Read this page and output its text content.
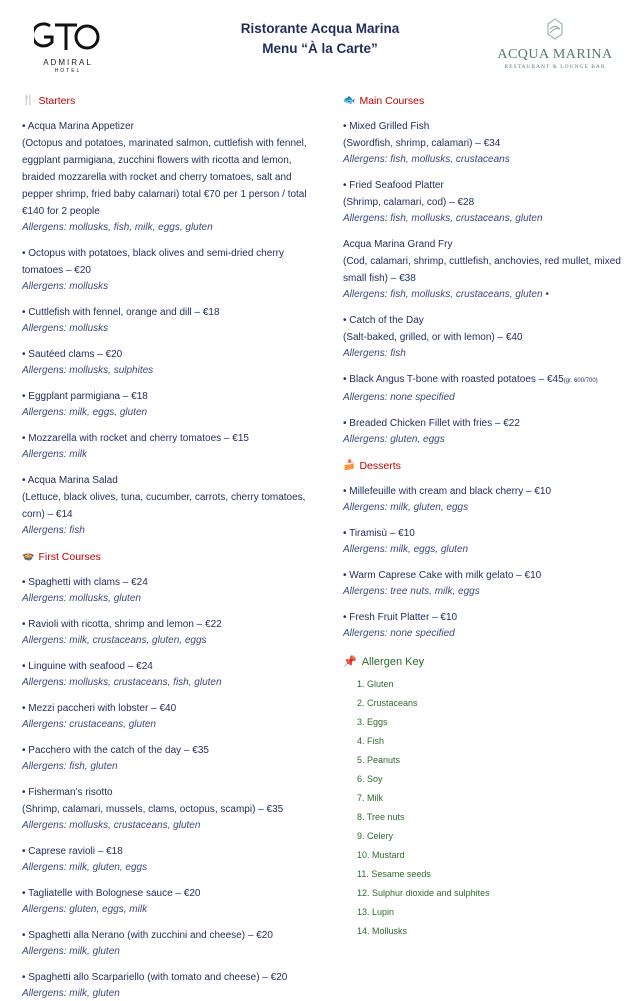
ADMIRAL
HOTEL
Ristorante Acqua Marina
Menu “À la Carte”	ACQUA MARINA
RESTAURANT & LOUNGE BAR
🍴 Starters
• Acqua Marina Appetizer
(Octopus and potatoes, marinated salmon, cuttlefish with fennel, eggplant parmigiana, zucchini flowers with ricotta and lemon, braided mozzarella with rocket and cherry tomatoes, salt and pepper shrimp, fried baby calamari) total €70 per 1 person / total €140 for 2 people
Allergens: mollusks, fish, milk, eggs, gluten
• Octopus with potatoes, black olives and semi-dried cherry tomatoes – €20
Allergens: mollusks
• Cuttlefish with fennel, orange and dill – €18
Allergens: mollusks
• Sautéed clams – €20
Allergens: mollusks, sulphites
• Eggplant parmigiana – €18
Allergens: milk, eggs, gluten
• Mozzarella with rocket and cherry tomatoes – €15
Allergens: milk
• Acqua Marina Salad
(Lettuce, black olives, tuna, cucumber, carrots, cherry tomatoes, corn) – €14
Allergens: fish
🍲 First Courses
• Spaghetti with clams – €24
Allergens: mollusks, gluten
• Ravioli with ricotta, shrimp and lemon – €22
Allergens: milk, crustaceans, gluten, eggs
• Linguine with seafood – €24
Allergens: mollusks, crustaceans, fish, gluten
• Mezzi paccheri with lobster – €40
Allergens: crustaceans, gluten
• Pacchero with the catch of the day – €35
Allergens: fish, gluten
• Fisherman’s risotto
(Shrimp, calamari, mussels, clams, octopus, scampi) – €35
Allergens: mollusks, crustaceans, gluten
• Caprese ravioli – €18
Allergens: milk, gluten, eggs
• Tagliatelle with Bolognese sauce – €20
Allergens: gluten, eggs, milk
• Spaghetti alla Nerano (with zucchini and cheese) – €20
Allergens: milk, gluten
• Spaghetti allo Scarpariello (with tomato and cheese) – €20
Allergens: milk, gluten
🐟 Main Courses
• Mixed Grilled Fish
(Swordfish, shrimp, calamari) – €34
Allergens: fish, mollusks, crustaceans
• Fried Seafood Platter
(Shrimp, calamari, cod) – €28
Allergens: fish, mollusks, crustaceans, gluten
Acqua Marina Grand Fry
(Cod, calamari, shrimp, cuttlefish, anchovies, red mullet, mixed small fish) – €38
Allergens: fish, mollusks, crustaceans, gluten •
• Catch of the Day
(Salt-baked, grilled, or with lemon) – €40
Allergens: fish
• Black Angus T-bone with roasted potatoes – €45(gr. 600/700)
Allergens: none specified
• Breaded Chicken Fillet with fries – €22
Allergens: gluten, eggs
🍰 Desserts
• Millefeuille with cream and black cherry – €10
Allergens: milk, gluten, eggs
• Tiramisù – €10
Allergens: milk, eggs, gluten
• Warm Caprese Cake with milk gelato – €10
Allergens: tree nuts, milk, eggs
• Fresh Fruit Platter – €10
Allergens: none specified
📌 Allergen Key
1. Gluten
2. Crustaceans
3. Eggs
4. Fish
5. Peanuts
6. Soy
7. Milk
8. Tree nuts
9. Celery
10. Mustard
11. Sesame seeds
12. Sulphur dioxide and sulphites
13. Lupin
14. Mollusks
